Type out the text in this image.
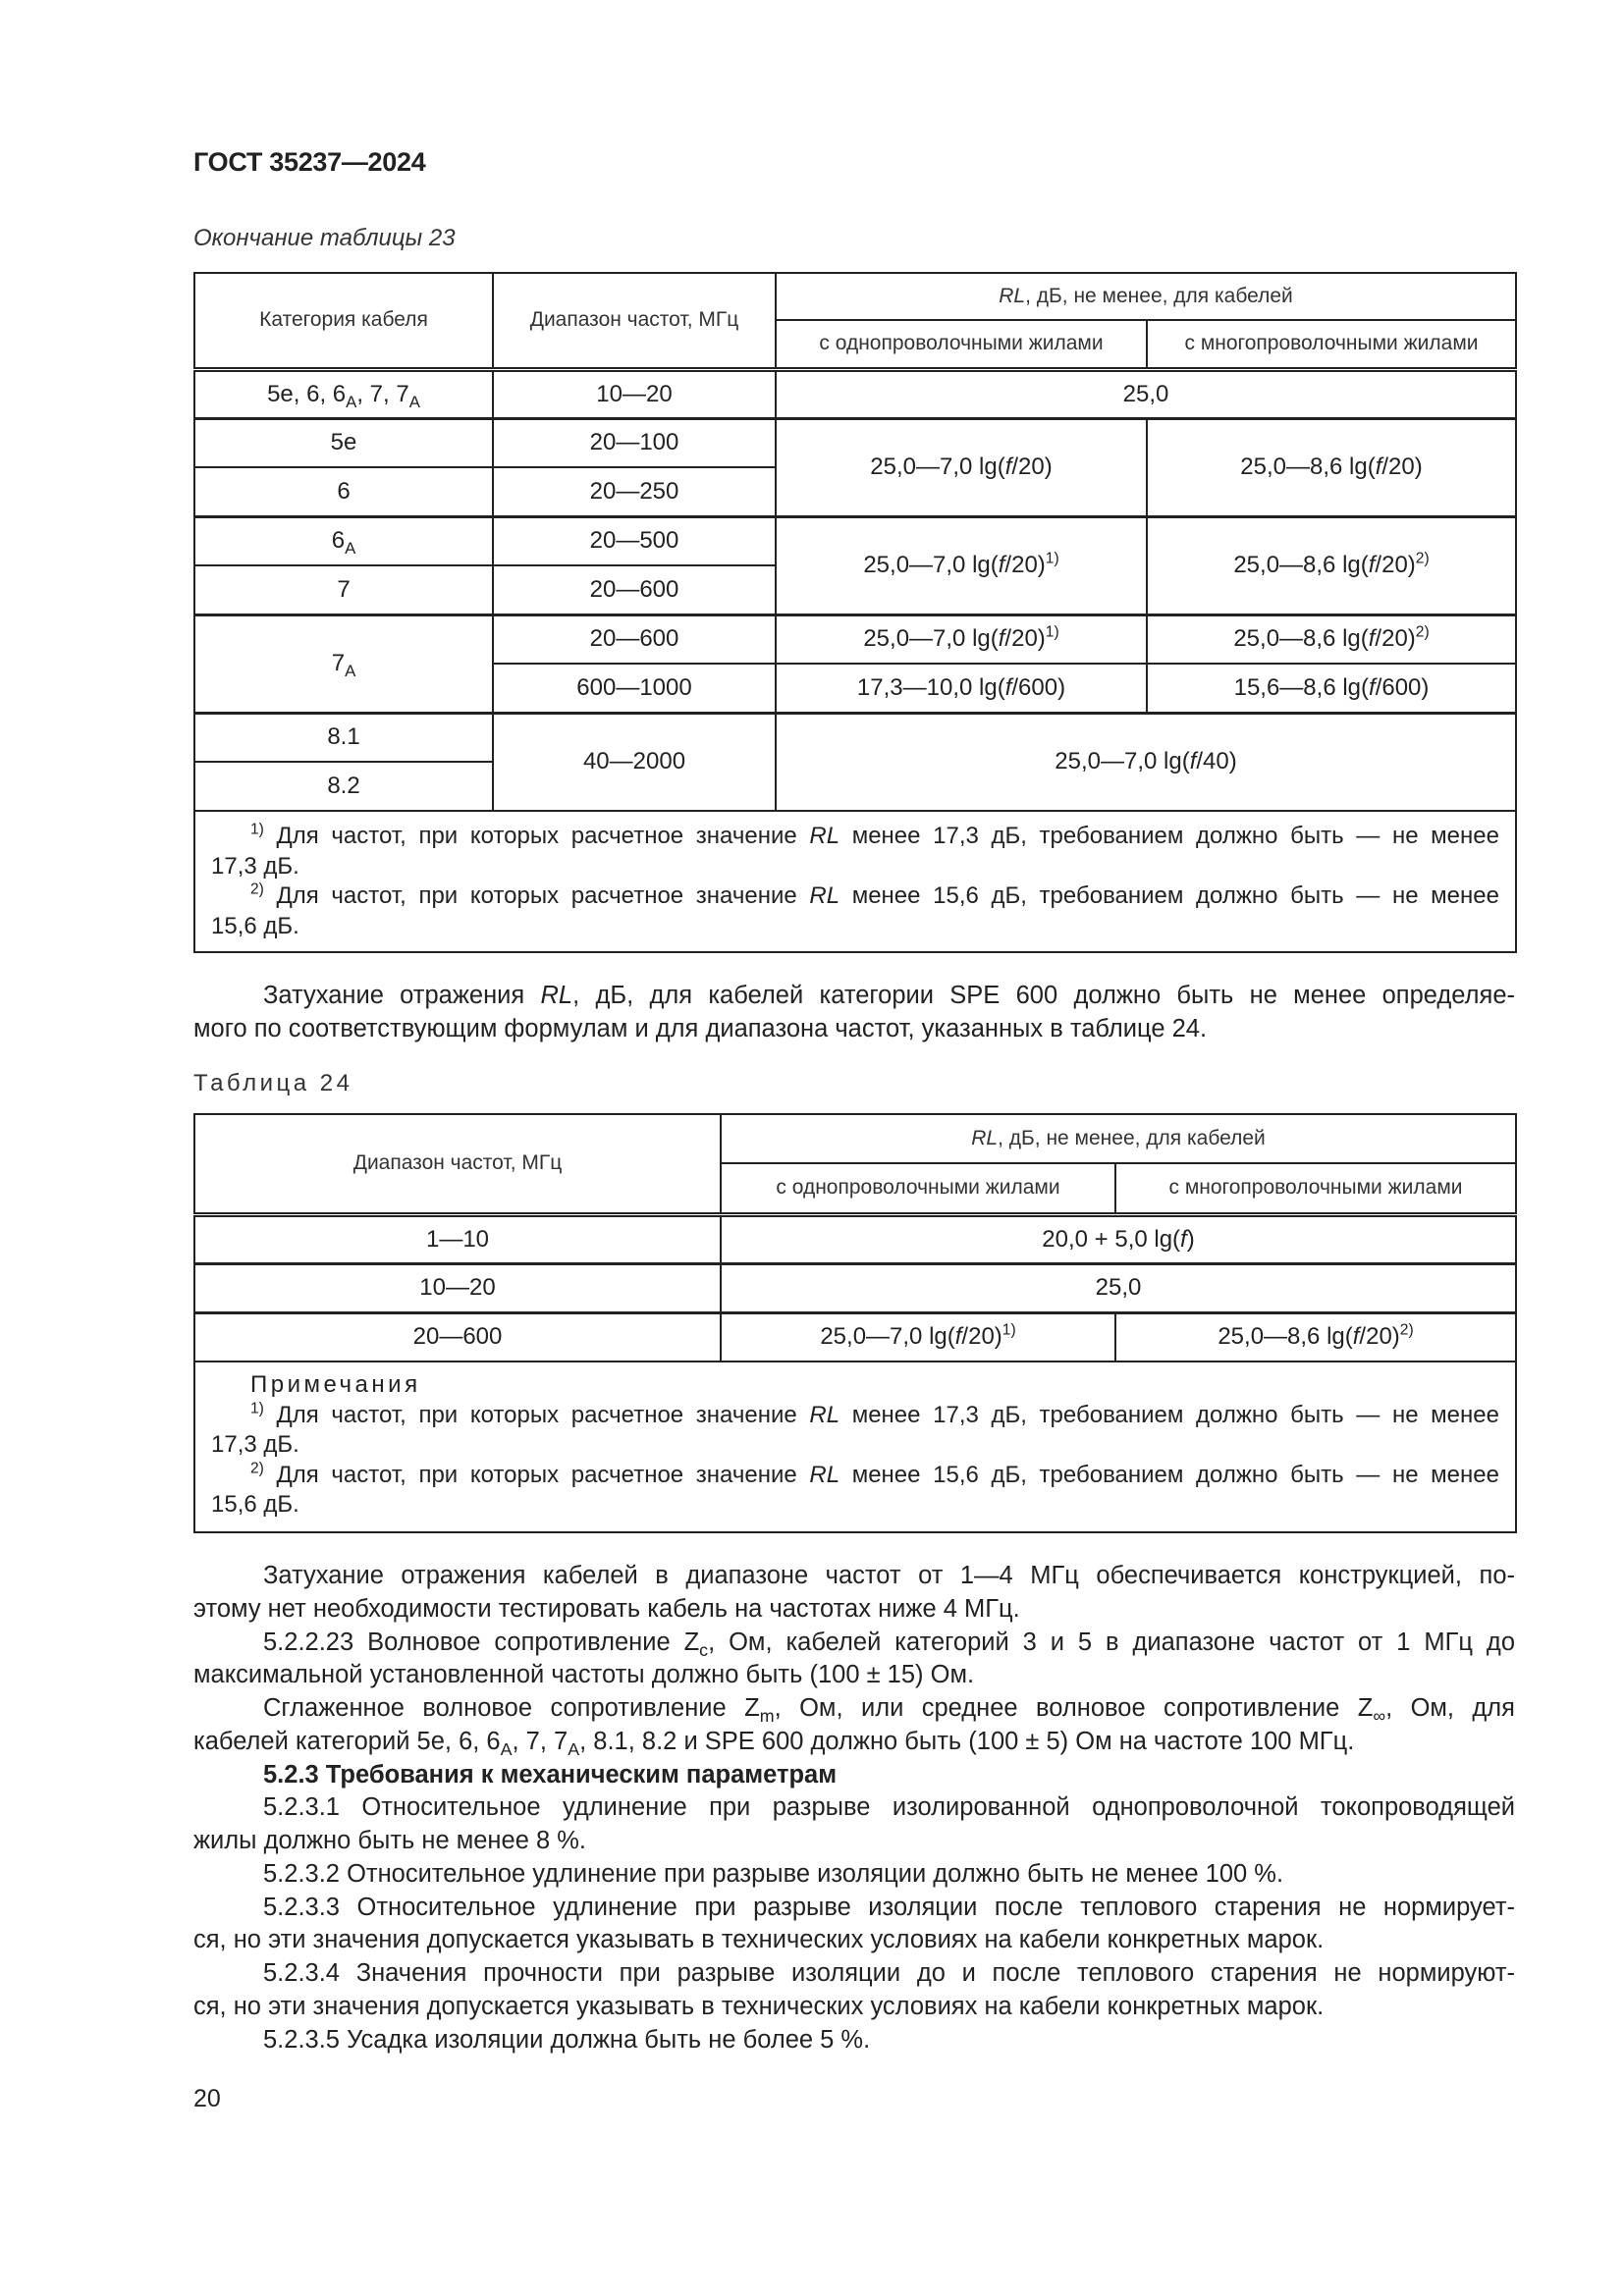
ГОСТ 35237—2024
Окончание таблицы 23
Категория кабеля	Диапазон частот, МГц	RL, дБ, не менее, для кабелей	
		с однопроволочными жилами	с многопроволочными жилами
5e, 6, $6_A$, 7, $7_A$	10—20	25,0	
5e	20—100	25,0—7,0 lg(f/20)	25,0—8,6 lg(f/20)
6	20—250		
$6_A$	20—500	25,0—7,0 $\lg(f/20)^{1)}$	25,0—8,6 $\lg(f/20)^{2)}$
7	20—600		
$7_A$	20—600	25,0—7,0 $\lg(f/20)^{1)}$	25,0—8,6 $\lg(f/20)^{2)}$
	600—1000	17,3—10,0 lg(f/600)	15,6—8,6 lg(f/600)
8.1	40—2000	25,0—7,0 lg(f/40)	
8.2			

$^{1)}$ Для частот, при которых расчетное значение RL менее 17,3 дБ, требованием должно быть — не менее
17,3 дБ.
$^{2)}$ Для частот, при которых расчетное значение RL менее 15,6 дБ, требованием должно быть — не менее
15,6 дБ.			
Затухание отражения RL, дБ, для кабелей категории SPE 600 должно быть не менее определяе-
мого по соответствующим формулам и для диапазона частот, указанных в таблице 24.
Таблица 24
Диапазон частот, МГц	RL, дБ, не менее, для кабелей	
	с однопроволочными жилами	с многопроволочными жилами
1—10	20,0 + 5,0 lg(f)	
10—20	25,0	
20—600	25,0—7,0 $\lg(f/20)^{1)}$	25,0—8,6 $\lg(f/20)^{2)}$

Примечания
$^{1)}$ Для частот, при которых расчетное значение RL менее 17,3 дБ, требованием должно быть — не менее
17,3 дБ.
$^{2)}$ Для частот, при которых расчетное значение RL менее 15,6 дБ, требованием должно быть — не менее
15,6 дБ.		
Затухание отражения кабелей в диапазоне частот от 1—4 МГц обеспечивается конструкцией, по-
этому нет необходимости тестировать кабель на частотах ниже 4 МГц.
5.2.2.23 Волновое сопротивление $Z_c$, Ом, кабелей категорий 3 и 5 в диапазоне частот от 1 МГц до
максимальной установленной частоты должно быть (100 ± 15) Ом.
Сглаженное волновое сопротивление $Z_m$, Ом, или среднее волновое сопротивление $Z_\infty$, Ом, для
кабелей категорий 5e, 6, $6_A$, 7, $7_A$, 8.1, 8.2 и SPE 600 должно быть (100 ± 5) Ом на частоте 100 МГц.
5.2.3 Требования к механическим параметрам
5.2.3.1 Относительное удлинение при разрыве изолированной однопроволочной токопроводящей
жилы должно быть не менее 8 %.
5.2.3.2 Относительное удлинение при разрыве изоляции должно быть не менее 100 %.
5.2.3.3 Относительное удлинение при разрыве изоляции после теплового старения не нормирует-
ся, но эти значения допускается указывать в технических условиях на кабели конкретных марок.
5.2.3.4 Значения прочности при разрыве изоляции до и после теплового старения не нормируют-
ся, но эти значения допускается указывать в технических условиях на кабели конкретных марок.
5.2.3.5 Усадка изоляции должна быть не более 5 %.
20
